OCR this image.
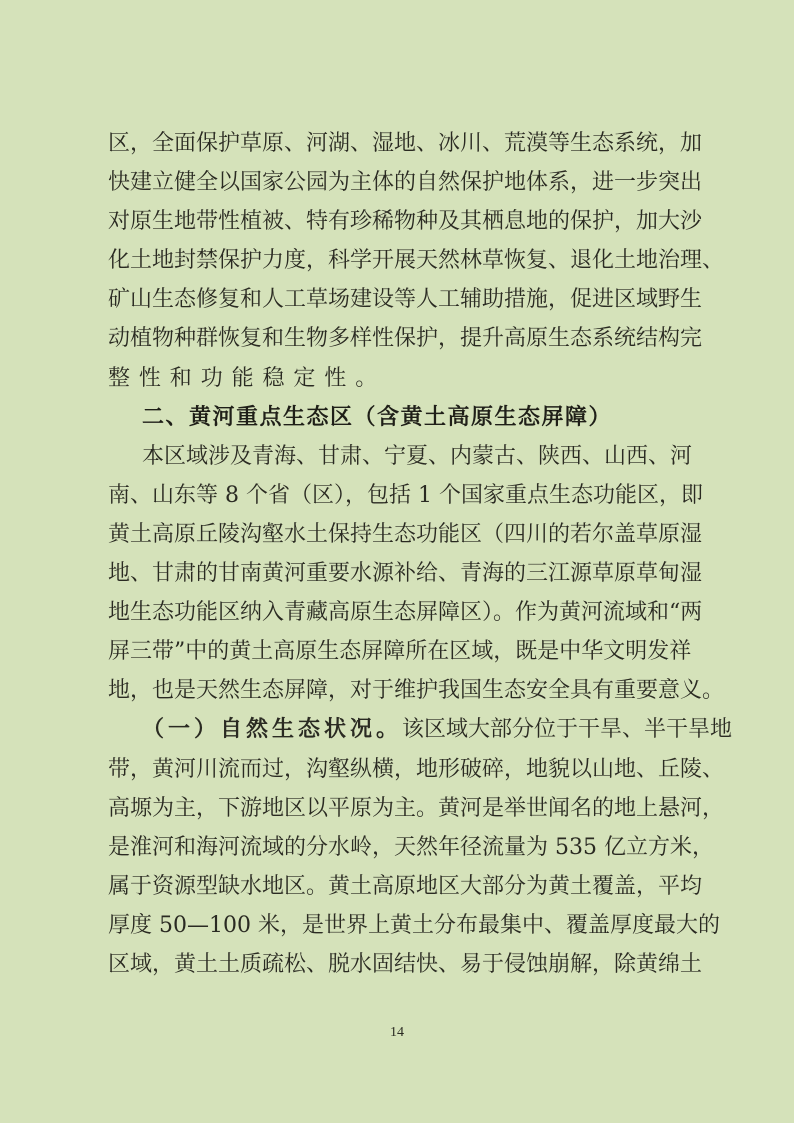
区，全面保护草原、河湖、湿地、冰川、荒漠等生态系统，加
快建立健全以国家公园为主体的自然保护地体系，进一步突出
对原生地带性植被、特有珍稀物种及其栖息地的保护，加大沙
化土地封禁保护力度，科学开展天然林草恢复、退化土地治理、
矿山生态修复和人工草场建设等人工辅助措施，促进区域野生
动植物种群恢复和生物多样性保护，提升高原生态系统结构完
整性和功能稳定性。
二、黄河重点生态区（含黄土高原生态屏障）
本区域涉及青海、甘肃、宁夏、内蒙古、陕西、山西、河
南、山东等 8 个省（区），包括 1 个国家重点生态功能区，即
黄土高原丘陵沟壑水土保持生态功能区（四川的若尔盖草原湿
地、甘肃的甘南黄河重要水源补给、青海的三江源草原草甸湿
地生态功能区纳入青藏高原生态屏障区）。作为黄河流域和“两
屏三带”中的黄土高原生态屏障所在区域，既是中华文明发祥
地，也是天然生态屏障，对于维护我国生态安全具有重要意义。
（一）自然生态状况。该区域大部分位于干旱、半干旱地
带，黄河川流而过，沟壑纵横，地形破碎，地貌以山地、丘陵、
高塬为主，下游地区以平原为主。黄河是举世闻名的地上悬河，
是淮河和海河流域的分水岭，天然年径流量为 535 亿立方米，
属于资源型缺水地区。黄土高原地区大部分为黄土覆盖，平均
厚度 50—100 米，是世界上黄土分布最集中、覆盖厚度最大的
区域，黄土土质疏松、脱水固结快、易于侵蚀崩解，除黄绵土
14
